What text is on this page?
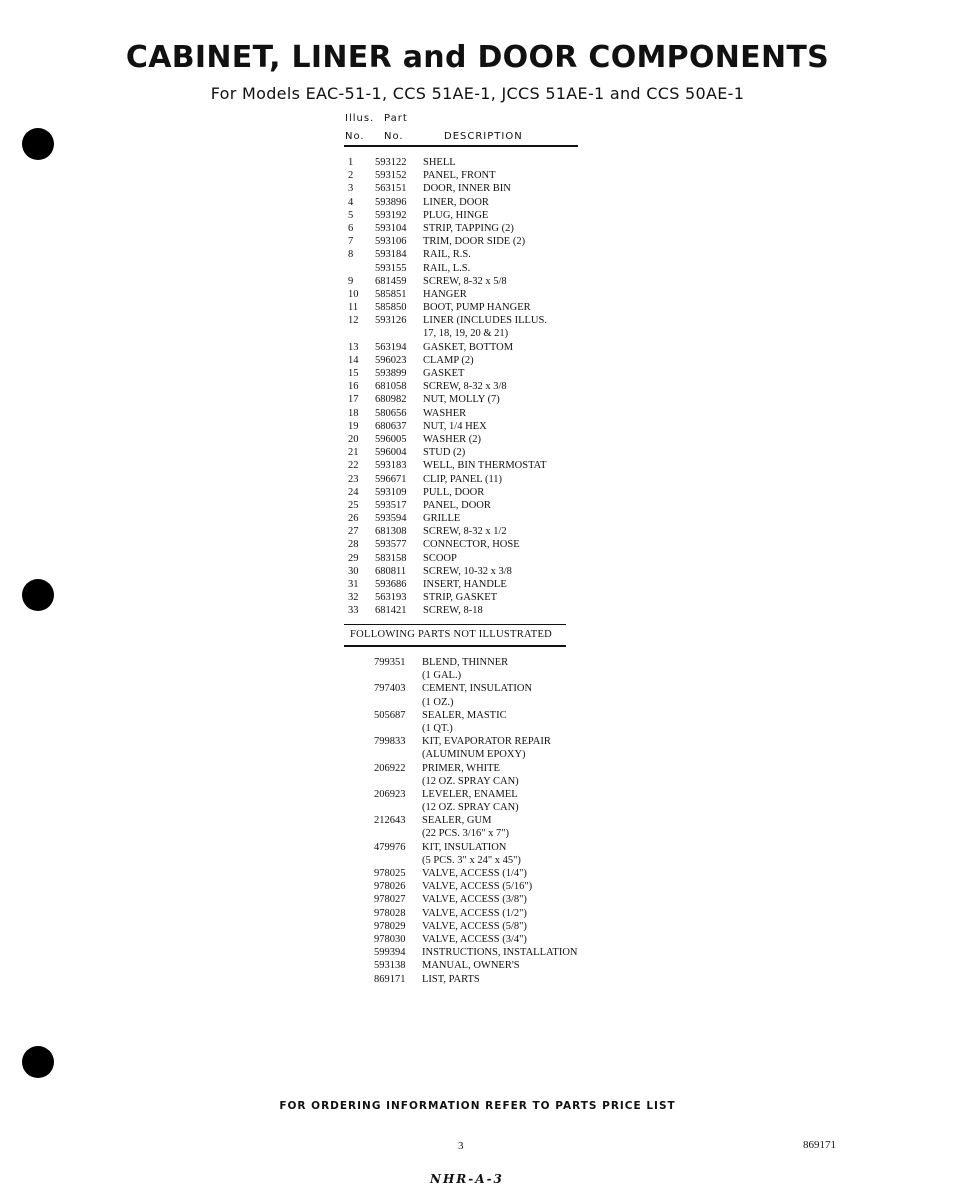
CABINET, LINER and DOOR COMPONENTS
For Models EAC-51-1, CCS 51AE-1, JCCS 51AE-1 and CCS 50AE-1
Illus. Part
No. No.	DESCRIPTION
1 593122 SHELL
2 593152 PANEL, FRONT
3 563151 DOOR, INNER BIN
4 593896 LINER, DOOR
5 593192 PLUG, HINGE
6 593104 STRIP, TAPPING (2)
7 593106 TRIM, DOOR SIDE (2)
8 593184 RAIL, R.S.
593155 RAIL, L.S.
9 681459 SCREW, 8-32 x 5/8
10 585851 HANGER
11 585850 BOOT, PUMP HANGER
12 593126 LINER (INCLUDES ILLUS.
17, 18, 19, 20 & 21)
13 563194 GASKET, BOTTOM
14 596023 CLAMP (2)
15 593899 GASKET
16 681058 SCREW, 8-32 x 3/8
17 680982 NUT, MOLLY (7)
18 580656 WASHER
19 680637 NUT, 1/4 HEX
20 596005 WASHER (2)
21 596004 STUD (2)
22 593183 WELL, BIN THERMOSTAT
23 596671 CLIP, PANEL (11)
24 593109 PULL, DOOR
25 593517 PANEL, DOOR
26 593594 GRILLE
27 681308 SCREW, 8-32 x 1/2
28 593577 CONNECTOR, HOSE
29 583158 SCOOP
30 680811 SCREW, 10-32 x 3/8
31 593686 INSERT, HANDLE
32 563193 STRIP, GASKET
33 681421 SCREW, 8-18
FOLLOWING PARTS NOT ILLUSTRATED
799351 BLEND, THINNER
(1 GAL.)
797403 CEMENT, INSULATION
(1 OZ.)
505687 SEALER, MASTIC
(1 QT.)
799833 KIT, EVAPORATOR REPAIR
(ALUMINUM EPOXY)
206922 PRIMER, WHITE
(12 OZ. SPRAY CAN)
206923 LEVELER, ENAMEL
(12 OZ. SPRAY CAN)
212643 SEALER, GUM
(22 PCS. 3/16" x 7")
479976 KIT, INSULATION
(5 PCS. 3" x 24" x 45")
978025 VALVE, ACCESS (1/4")
978026 VALVE, ACCESS (5/16")
978027 VALVE, ACCESS (3/8")
978028 VALVE, ACCESS (1/2")
978029 VALVE, ACCESS (5/8")
978030 VALVE, ACCESS (3/4")
599394 INSTRUCTIONS, INSTALLATION
593138 MANUAL, OWNER'S
869171 LIST, PARTS
FOR ORDERING INFORMATION REFER TO PARTS PRICE LIST
3	869171
NHR-A-3
